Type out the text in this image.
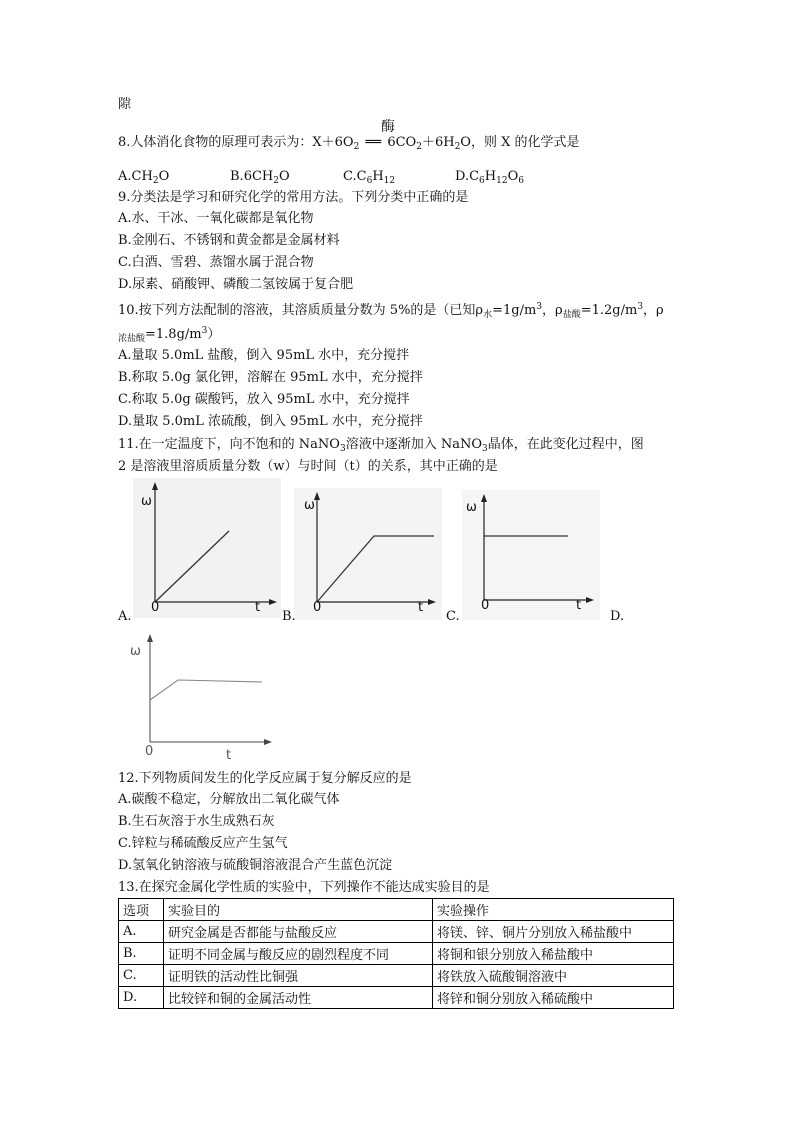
隙
8.人体消化食物的原理可表示为：$X+6O_2$ ══ $6CO_2+6H_2O$，则 X 的化学式是
酶
$A.CH_2O$	$B.6CH_2O$	$C.C_6H_{12}$	$D.C_6H_{12}O_6$
9.分类法是学习和研究化学的常用方法。下列分类中正确的是
A.水、干冰、一氧化碳都是氧化物
B.金刚石、不锈钢和黄金都是金属材料
C.白酒、雪碧、蒸馏水属于混合物
D.尿素、硝酸钾、磷酸二氢铵属于复合肥
10.按下列方法配制的溶液，其溶质质量分数为 5%的是（已知$\rho_水=1g/m^3$，$\rho_{盐酸}=1.2g/m^3$，ρ
$_{浓盐酸}=1.8g/m^3$）
A.量取 5.0mL 盐酸，倒入 95mL 水中，充分搅拌
B.称取 5.0g 氯化钾，溶解在 95mL 水中，充分搅拌
C.称取 5.0g 碳酸钙，放入 95mL 水中，充分搅拌
D.量取 5.0mL 浓硫酸，倒入 95mL 水中，充分搅拌
11.在一定温度下，向不饱和的 NaNO$_3$溶液中逐渐加入 NaNO$_3$晶体，在此变化过程中，图
2 是溶液里溶质质量分数（w）与时间（t）的关系，其中正确的是
ω
0	t
A.
ω
0	t
B.
ω
0	t
C.	D.
ω
0	t
12.下列物质间发生的化学反应属于复分解反应的是
A.碳酸不稳定，分解放出二氧化碳气体
B.生石灰溶于水生成熟石灰
C.锌粒与稀硫酸反应产生氢气
D.氢氧化钠溶液与硫酸铜溶液混合产生蓝色沉淀
13.在探究金属化学性质的实验中，下列操作不能达成实验目的是
选项	实验目的	实验操作
A.	研究金属是否都能与盐酸反应	将镁、锌、铜片分别放入稀盐酸中
B.	证明不同金属与酸反应的剧烈程度不同	将铜和银分别放入稀盐酸中
C.	证明铁的活动性比铜强	将铁放入硫酸铜溶液中
D.	比较锌和铜的金属活动性	将锌和铜分别放入稀硫酸中
